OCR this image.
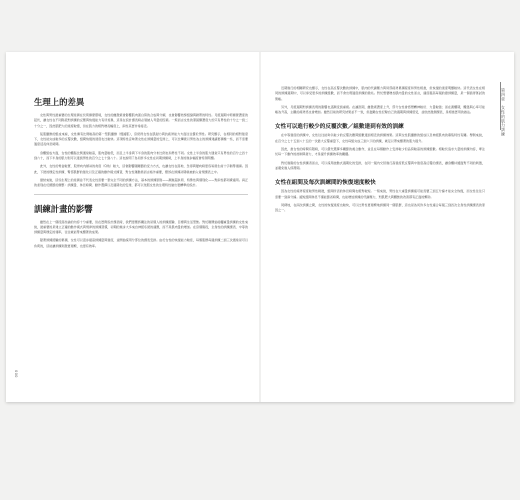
生理上的差異

女性與男性最重要的生理差異在於荷爾蒙環境，女性的雌激素會影響肌肉蛋白質的合成與分解，也會影響結締組織與韌帶的特性。月經週期中荷爾蒙濃度的起伏，讓女性在不同階段對訓練的反應與恢復能力有所差異，這是在設計課表時必須納入考量的因素。一般而言女性的睪固酮濃度大約只有男性的十分之一到二十分之一，因此肌肥大的速度較慢，但在肌力的相對增長幅度上，兩性其實非常接近。

從肌纖維的組成來看，女性擁有比例較高的第一型肌纖維（慢縮肌），這使得女性在肌耐力與抗疲勞能力方面往往優於男性。研究顯示，在相同的相對強度下，女性能完成較多的反覆次數，組間恢復的速度也比較快。這項特性意味著女性在訓練量的安排上，可以比傳統以男性為主的訓練建議更積極一些，而不需要過度延長休息時間。

身體組成方面，女性的體脂比例通常較高，肌肉量較低，而且上半身與下半身的肌肉分布比例也和男性不同。女性上半身的肌力通常只有男性的百分之四十到六十，而下半身的肌力則可以達到男性的百分之七十到八十。這也說明了為何許多女性在初期訓練時，上半身的進步幅度會特別明顯。

此外，女性的骨盆較寬、股骨向內傾斜的角度（Q角）較大，這會影響膝關節的受力方式，也讓女性在落地、急停與變向時更容易發生前十字韌帶損傷。因此，下肢的穩定性訓練、臀部肌群的強化以及正確的動作模式練習，對女性運動員而言格外重要，應該在訓練初期就被納入常規課表之中。

總結來說，這些生理上的差異並不代表女性需要一套完全不同的訓練方法，基本的訓練原則——漸進超負荷、特殊性與個別化——對兩性都同樣適用。真正的差別在於細節的調整：訓練量、休息時間、動作選擇以及週期化的安排，都可以依照女性的生理特性做出更精準的設計。

訓練計畫的影響

雖然在上一個段落討論的內容十分重要，但在實際設計課表時，我們更應該關注的是個人的訓練經驗、目標與生活型態。對於剛開始接觸重量訓練的女性來說，最重要的是建立正確的動作模式與規律的訓練習慣，初期的進步大多來自神經系統的適應，而不是肌肉量的增加。在這個階段，全身性的訓練課表、中等的訓練量與穩定的頻率，往往就能帶來顯著的成果。

隨著訓練經驗的累積，女性可以逐步提高訓練量與強度，並開始採用分部位的課表安排。由於女性的恢復能力較佳，每個肌群每週訓練二到三次通常是可以負荷的，這能讓訓練刺激更頻繁，也更有效率。

000

近期進行的相關研究也顯示，女性在高反覆次數的訓練中，肌肉的代謝壓力與局部疲勞累積程度和男性相當，但恢復的速度明顯較快。這代表女性在相同的訓練週期中，可以承受更多的訓練組數，而不會出現過度訓練的徵兆。對於想要增加肌肉量的女性而言，適度提高每週的總訓練量，是一個值得嘗試的策略。

另外，月經週期對訓練表現的影響也逐漸受到重視。在濾泡期，雌激素濃度上升，部分女性會感覺精神較好、力量較強；而在黃體期，體溫與心率可能略為升高，主觀的疲勞感也會增加。雖然目前的研究結果並不一致，但鼓勵女性記錄自己的週期與訓練感受，並依此微調課表，是相當實用的做法。

女性可以進行較少的反覆次數／組數達到有效的訓練

在中等強度的訓練中，女性往往能夠以較少的反覆次數與組數達到相近的訓練效果。這與女性肌纖維的組成以及神經肌肉的募集特性有關。舉例來說，在百分之七十五到八十五的一次最大反覆重量下，女性每組完成三到六下的訓練，就足以帶來顯著的肌力提升。

因此，當女性的時間有限時，可以優先選擇多關節的複合動作，並且在每個動作上安排較少但品質較高的訓練組數。相較於追求大量的訓練內容，專注於每一下動作的控制與發力，才是提升訓練效率的關鍵。

對於進階的女性訓練者而言，可以採用波動式週期化的安排，在同一週內交替進行高強度低反覆與中強度高反覆的課表，讓身體持續面對不同的刺激，並避免進入停滯期。

女性在組間及每次訓練間的恢復速度較快

因為女性的疲勞程度較男性輕微，組間所需的休息時間也相對較短。一般來說，男性在大重量訓練後可能需要三到五分鐘才能完全恢復，而女性往往只需要一到兩分鐘。縮短組間休息不僅能節省時間，也能增加訓練的代謝壓力，對肌肥大與體態的改善都有正面的幫助。

同樣地，在兩次訓練之間，女性的恢復速度也較快，可以比男性更頻繁地訓練同一個肌群，這也是為何許多女性適合每週三到四次全身性訓練課表的原因之一。

第四章　女性的肌力訓練
